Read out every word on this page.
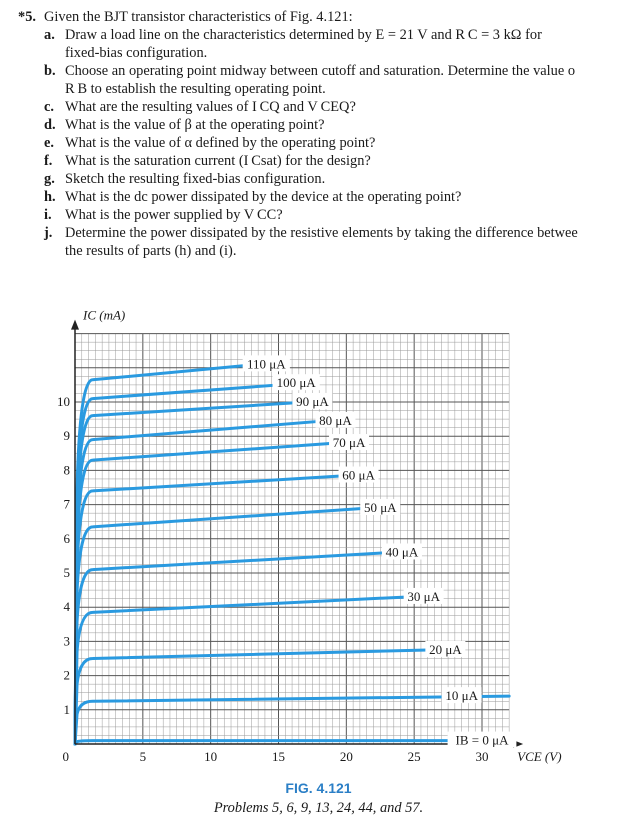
*5. Given the BJT transistor characteristics of Fig. 4.121:
a. Draw a load line on the characteristics determined by E = 21 V and R C = 3 kΩ for
fixed-bias configuration.
b. Choose an operating point midway between cutoff and saturation. Determine the value o
R B to establish the resulting operating point.
c. What are the resulting values of I CQ and V CEQ?
d. What is the value of β at the operating point?
e. What is the value of α defined by the operating point?
f. What is the saturation current (I Csat) for the design?
g. Sketch the resulting fixed-bias configuration.
h. What is the dc power dissipated by the device at the operating point?
i. What is the power supplied by V CC?
j. Determine the power dissipated by the resistive elements by taking the difference betwee
the results of parts (h) and (i).
IB = 0 μA
10 μA
20 μA
30 μA
40 μA
50 μA
60 μA
70 μA
80 μA
90 μA
100 μA
110 μA
5	10	15	20	25	30
1
2
3
4
5
6
7
8
9
10
0
IC (mA)
VCE (V)
FIG. 4.121
Problems 5, 6, 9, 13, 24, 44, and 57.
